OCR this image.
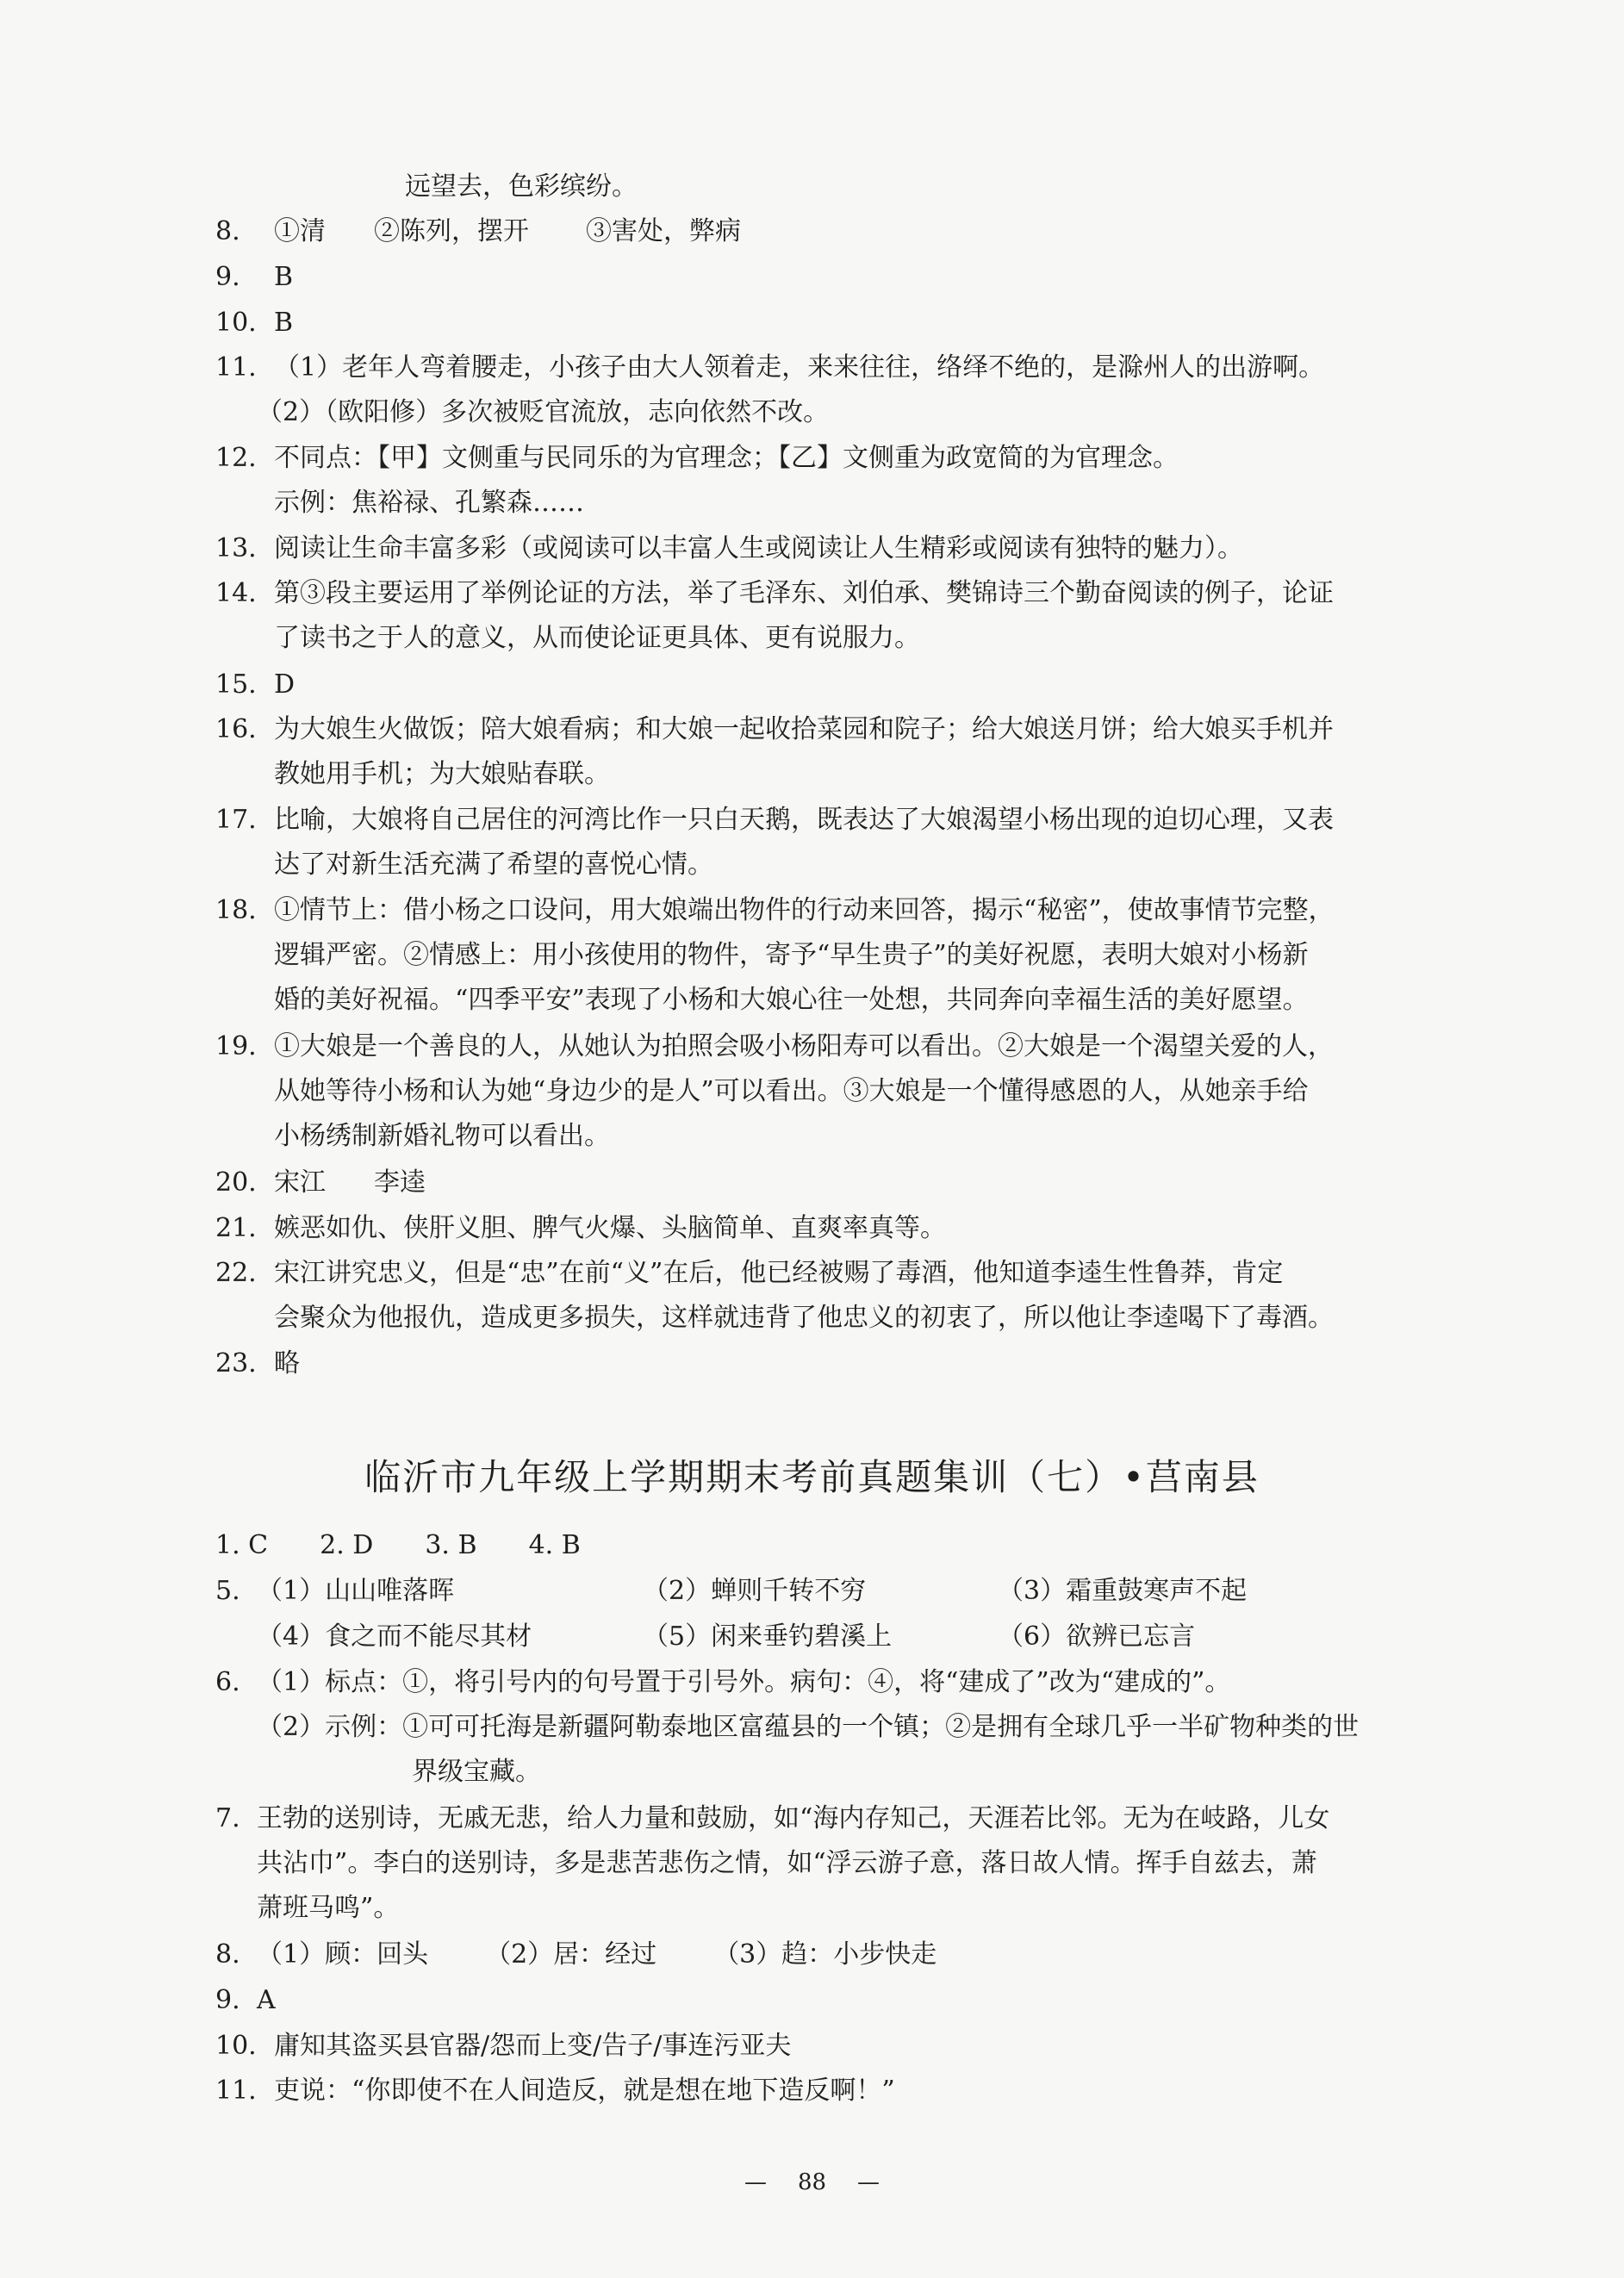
远望去，色彩缤纷。
8. ①清 ②陈列，摆开 ③害处，弊病
9. B
10. B
11. （1）老年人弯着腰走，小孩子由大人领着走，来来往往，络绎不绝的，是滁州人的出游啊。
（2）（欧阳修）多次被贬官流放，志向依然不改。
12. 不同点：【甲】文侧重与民同乐的为官理念；【乙】文侧重为政宽简的为官理念。
示例：焦裕禄、孔繁森……
13. 阅读让生命丰富多彩（或阅读可以丰富人生或阅读让人生精彩或阅读有独特的魅力）。
14. 第③段主要运用了举例论证的方法，举了毛泽东、刘伯承、樊锦诗三个勤奋阅读的例子，论证
了读书之于人的意义，从而使论证更具体、更有说服力。
15. D
16. 为大娘生火做饭；陪大娘看病；和大娘一起收拾菜园和院子；给大娘送月饼；给大娘买手机并
教她用手机；为大娘贴春联。
17. 比喻，大娘将自己居住的河湾比作一只白天鹅，既表达了大娘渴望小杨出现的迫切心理，又表
达了对新生活充满了希望的喜悦心情。
18. ①情节上：借小杨之口设问，用大娘端出物件的行动来回答，揭示“秘密”，使故事情节完整，
逻辑严密。②情感上：用小孩使用的物件，寄予“早生贵子”的美好祝愿，表明大娘对小杨新
婚的美好祝福。“四季平安”表现了小杨和大娘心往一处想，共同奔向幸福生活的美好愿望。
19. ①大娘是一个善良的人，从她认为拍照会吸小杨阳寿可以看出。②大娘是一个渴望关爱的人，
从她等待小杨和认为她“身边少的是人”可以看出。③大娘是一个懂得感恩的人，从她亲手给
小杨绣制新婚礼物可以看出。
20. 宋江 李逵
21. 嫉恶如仇、侠肝义胆、脾气火爆、头脑简单、直爽率真等。
22. 宋江讲究忠义，但是“忠”在前“义”在后，他已经被赐了毒酒，他知道李逵生性鲁莽，肯定
会聚众为他报仇，造成更多损失，这样就违背了他忠义的初衷了，所以他让李逵喝下了毒酒。
23. 略
临沂市九年级上学期期末考前真题集训（七）•莒南县
1. C 2. D 3. B 4. B
5. （1）山山唯落晖	（2）蝉则千转不穷	（3）霜重鼓寒声不起
（4）食之而不能尽其材	（5）闲来垂钓碧溪上	（6）欲辨已忘言
6. （1）标点：①，将引号内的句号置于引号外。病句：④，将“建成了”改为“建成的”。
（2）示例：①可可托海是新疆阿勒泰地区富蕴县的一个镇；②是拥有全球几乎一半矿物种类的世
界级宝藏。
7. 王勃的送别诗，无戚无悲，给人力量和鼓励，如“海内存知己，天涯若比邻。无为在岐路，儿女
共沾巾”。李白的送别诗，多是悲苦悲伤之情，如“浮云游子意，落日故人情。挥手自兹去，萧
萧班马鸣”。
8. （1）顾：回头 （2）居：经过 （3）趋：小步快走
9. A
10. 庸知其盗买县官器/怨而上变/告子/事连污亚夫
11. 吏说：“你即使不在人间造反，就是想在地下造反啊！”
— 88 —
